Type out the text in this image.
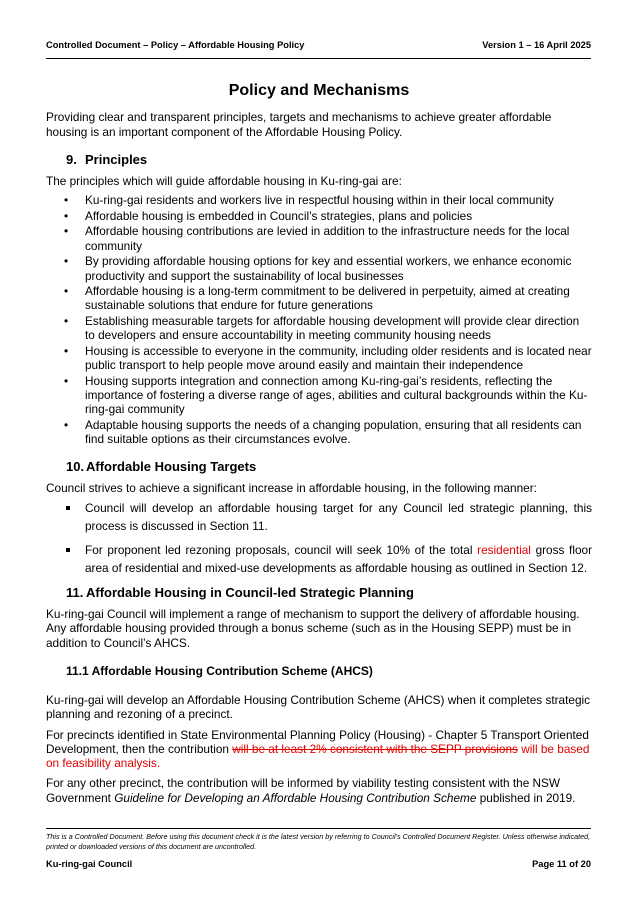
Controlled Document – Policy – Affordable Housing Policy	Version 1 – 16 April 2025
Policy and Mechanisms

Providing clear and transparent principles, targets and mechanisms to achieve greater affordable housing is an important component of the Affordable Housing Policy.

9. Principles

The principles which will guide affordable housing in Ku-ring-gai are:

• Ku-ring-gai residents and workers live in respectful housing within in their local community
• Affordable housing is embedded in Council’s strategies, plans and policies
• Affordable housing contributions are levied in addition to the infrastructure needs for the local community
• By providing affordable housing options for key and essential workers, we enhance economic productivity and support the sustainability of local businesses
• Affordable housing is a long-term commitment to be delivered in perpetuity, aimed at creating sustainable solutions that endure for future generations
• Establishing measurable targets for affordable housing development will provide clear direction to developers and ensure accountability in meeting community housing needs
• Housing is accessible to everyone in the community, including older residents and is located near public transport to help people move around easily and maintain their independence
• Housing supports integration and connection among Ku-ring-gai’s residents, reflecting the importance of fostering a diverse range of ages, abilities and cultural backgrounds within the Ku-ring-gai community
• Adaptable housing supports the needs of a changing population, ensuring that all residents can find suitable options as their circumstances evolve.
10. Affordable Housing Targets

Council strives to achieve a significant increase in affordable housing, in the following manner:

Council will develop an affordable housing target for any Council led strategic planning, this process is discussed in Section 11.
For proponent led rezoning proposals, council will seek 10% of the total residential gross floor area of residential and mixed-use developments as affordable housing as outlined in Section 12.
11. Affordable Housing in Council-led Strategic Planning

Ku-ring-gai Council will implement a range of mechanism to support the delivery of affordable housing. Any affordable housing provided through a bonus scheme (such as in the Housing SEPP) must be in addition to Council’s AHCS.

11.1 Affordable Housing Contribution Scheme (AHCS)

Ku-ring-gai will develop an Affordable Housing Contribution Scheme (AHCS) when it completes strategic planning and rezoning of a precinct.

For precincts identified in State Environmental Planning Policy (Housing) - Chapter 5 Transport Oriented Development, then the contribution will be at least 2% consistent with the SEPP provisions will be based on feasibility analysis.

For any other precinct, the contribution will be informed by viability testing consistent with the NSW Government Guideline for Developing an Affordable Housing Contribution Scheme published in 2019.

This is a Controlled Document. Before using this document check it is the latest version by referring to Council’s Controlled Document Register. Unless otherwise indicated, printed or downloaded versions of this document are uncontrolled.
Ku-ring-gai Council	Page 11 of 20
